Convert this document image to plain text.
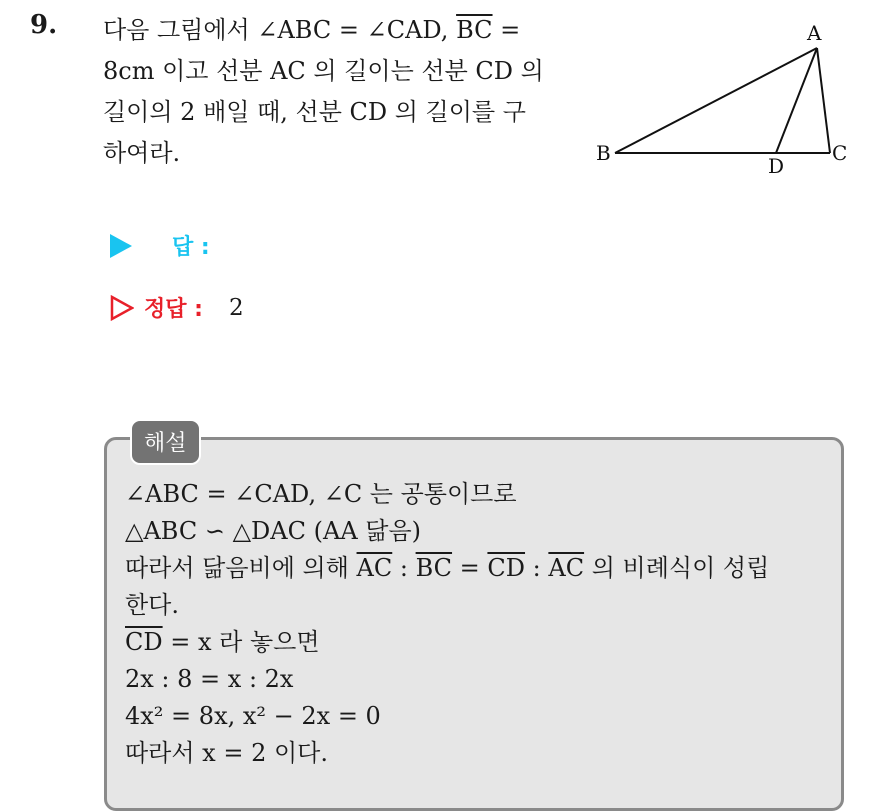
9. 다음 그림에서 ∠ABC = ∠CAD, $\overline{BC}$ =
8cm 이고 선분 AC 의 길이는 선분 CD 의
길이의 2 배일 때, 선분 CD 의 길이를 구
하여라.
A
B	C
D
답 :
정답 : 2
해설
∠ABC = ∠CAD, ∠C 는 공통이므로
△ABC ∽ △DAC (AA 닮음)
따라서 닮음비에 의해 $\overline{AC}$ : $\overline{BC} = \overline{CD}$ : $\overline{AC}$ 의 비례식이 성립
한다.
$\overline{CD} = x$ 라 놓으면
2x : 8 = x : 2x
4x² = 8x, x² − 2x = 0
따라서 x = 2 이다.
